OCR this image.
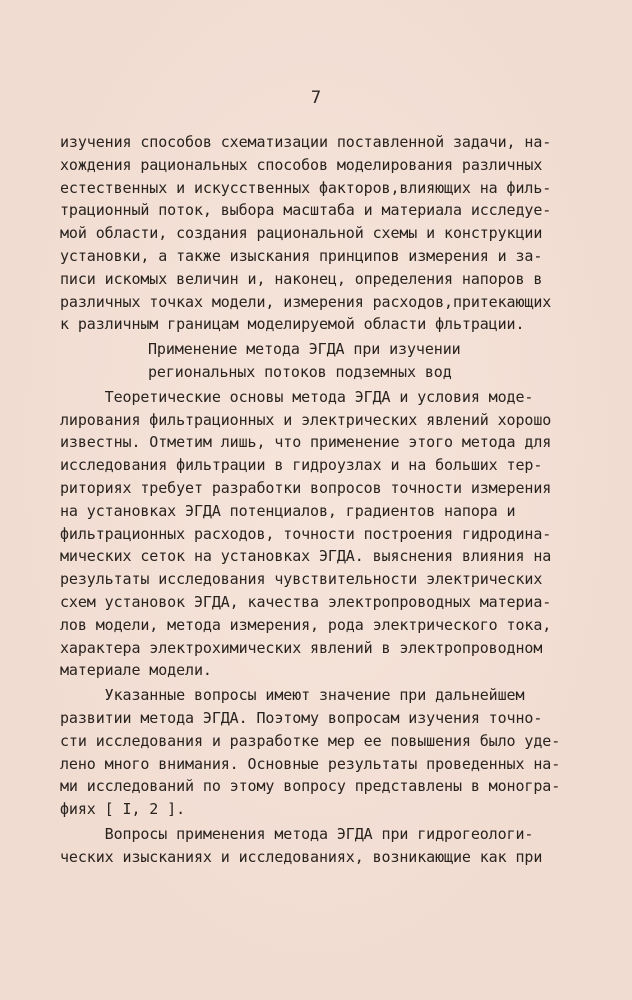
7
изучения способов схематизации поставленной задачи, на-
хождения рациональных способов моделирования различных
естественных и искусственных факторов,влияющих на филь-
трационный поток, выбора масштаба и материала исследуе-
мой области, создания рациональной схемы и конструкции
установки, а также изыскания принципов измерения и за-
писи искомых величин и, наконец, определения напоров в
различных точках модели, измерения расходов,притекающих
к различным границам моделируемой области фльтрации.
Применение метода ЭГДА при изучении
региональных потоков подземных вод
Теоретические основы метода ЭГДА и условия моде-
лирования фильтрационных и электрических явлений хорошо
известны. Отметим лишь, что применение этого метода для
исследования фильтрации в гидроузлах и на больших тер-
риториях требует разработки вопросов точности измерения
на установках ЭГДА потенциалов, градиентов напора и
фильтрационных расходов, точности построения гидродина-
мических сеток на установках ЭГДА. выяснения влияния на
результаты исследования чувствительности электрических
схем установок ЭГДА, качества электропроводных материа-
лов модели, метода измерения, рода электрического тока,
характера электрохимических явлений в электропроводном
материале модели.
Указанные вопросы имеют значение при дальнейшем
развитии метода ЭГДА. Поэтому вопросам изучения точно-
сти исследования и разработке мер ее повышения было уде-
лено много внимания. Основные результаты проведенных на-
ми исследований по этому вопросу представлены в моногра-
фиях [ I, 2 ].
Вопросы применения метода ЭГДА при гидрогеологи-
ческих изысканиях и исследованиях, возникающие как при
